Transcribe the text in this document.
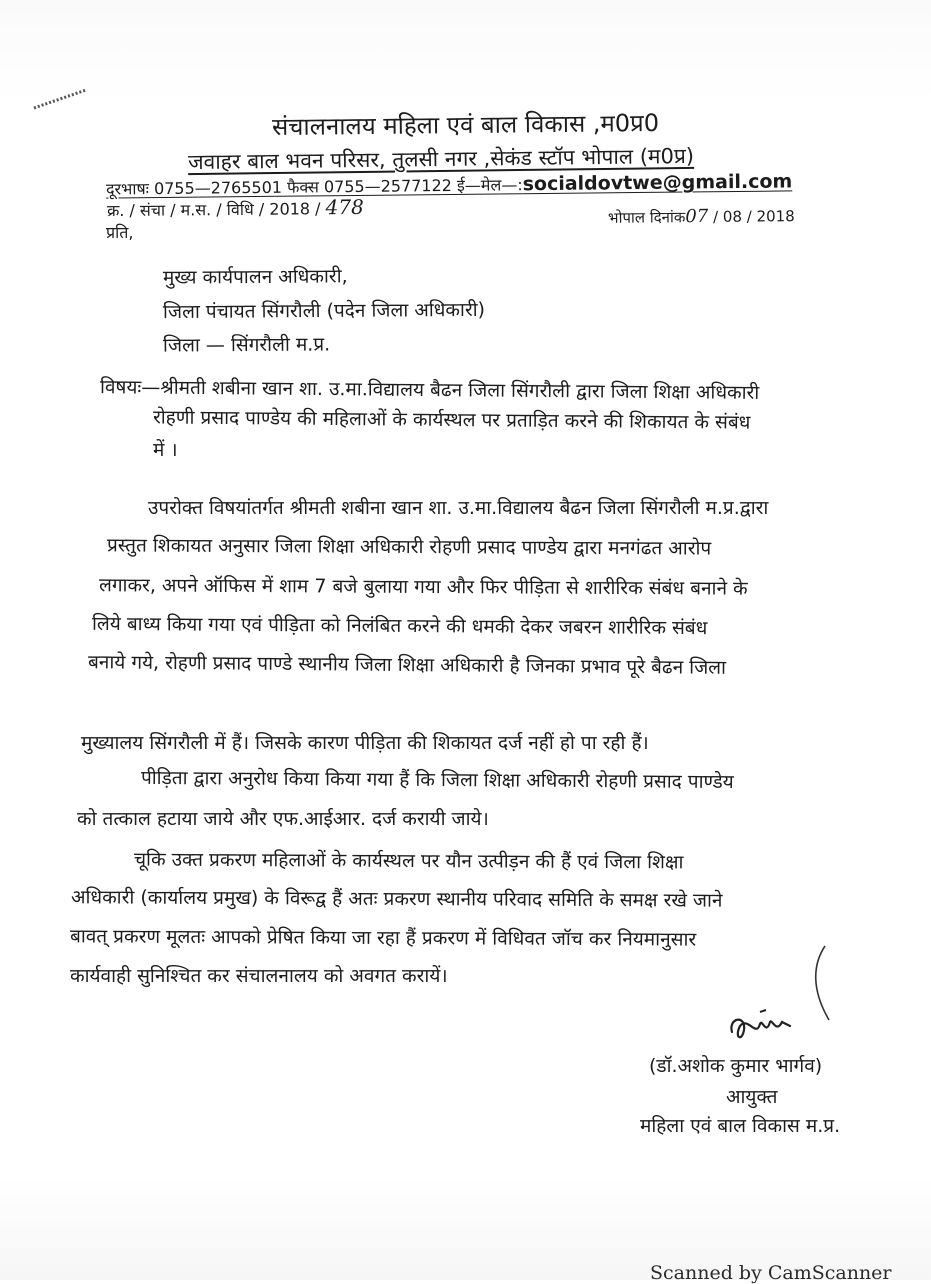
संचालनालय महिला एवं बाल विकास ,म0प्र0
जवाहर बाल भवन परिसर, तुलसी नगर ,सेकंड स्टॉप भोपाल (म0प्र)
दूरभाषः 0755—2765501 फैक्स 0755—2577122 ई—मेल—:socialdovtwe@gmail.com
क्र. / संचा / म.स. / विधि / 2018 / 478	भोपाल दिनांक07 / 08 / 2018
प्रति,
मुख्य कार्यपालन अधिकारी,
जिला पंचायत सिंगरौली (पदेन जिला अधिकारी)
जिला — सिंगरौली म.प्र.
विषयः—श्रीमती शबीना खान शा. उ.मा.विद्यालय बैढन जिला सिंगरौली द्वारा जिला शिक्षा अधिकारी
रोहणी प्रसाद पाण्डेय की महिलाओं के कार्यस्थल पर प्रताड़ित करने की शिकायत के संबंध
में ।
उपरोक्त विषयांतर्गत श्रीमती शबीना खान शा. उ.मा.विद्यालय बैढन जिला सिंगरौली म.प्र.द्वारा
प्रस्तुत शिकायत अनुसार जिला शिक्षा अधिकारी रोहणी प्रसाद पाण्डेय द्वारा मनगंढत आरोप
लगाकर, अपने ऑफिस में शाम 7 बजे बुलाया गया और फिर पीड़िता से शारीरिक संबंध बनाने के
लिये बाध्य किया गया एवं पीड़िता को निलंबित करने की धमकी देकर जबरन शारीरिक संबंध
बनाये गये, रोहणी प्रसाद पाण्डे स्थानीय जिला शिक्षा अधिकारी है जिनका प्रभाव पूरे बैढन जिला
मुख्यालय सिंगरौली में हैं। जिसके कारण पीड़िता की शिकायत दर्ज नहीं हो पा रही हैं।
पीड़िता द्वारा अनुरोध किया किया गया हैं कि जिला शिक्षा अधिकारी रोहणी प्रसाद पाण्डेय
को तत्काल हटाया जाये और एफ.आईआर. दर्ज करायी जाये।
चूकि उक्त प्रकरण महिलाओं के कार्यस्थल पर यौन उत्पीड़न की हैं एवं जिला शिक्षा
अधिकारी (कार्यालय प्रमुख) के विरूद्व हैं अतः प्रकरण स्थानीय परिवाद समिति के समक्ष रखे जाने
बावत् प्रकरण मूलतः आपको प्रेषित किया जा रहा हैं प्रकरण में विधिवत जॉच कर नियमानुसार
कार्यवाही सुनिश्चित कर संचालनालय को अवगत करायें।
(डॉ.अशोक कुमार भार्गव)
आयुक्त
महिला एवं बाल विकास म.प्र.
Scanned by CamScanner
